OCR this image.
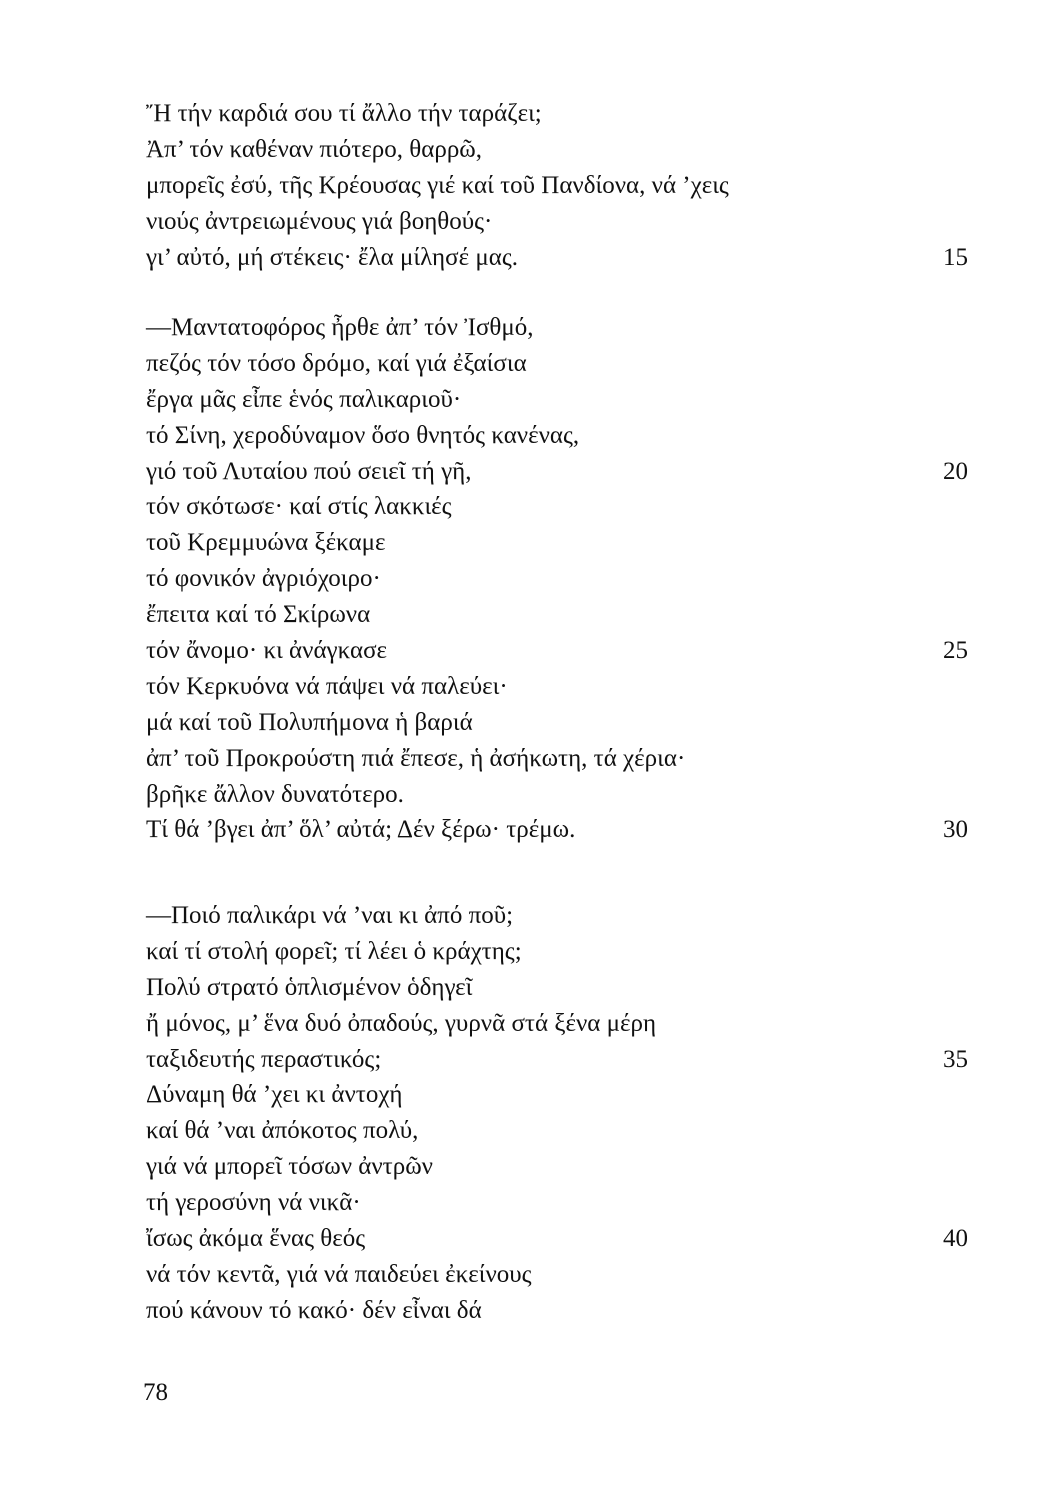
Ἤ τήν καρδιά σου τί ἄλλο τήν ταράζει;
Ἀπ’ τόν καθέναν πιότερο, θαρρῶ,
μπορεῖς ἐσύ, τῆς Κρέουσας γιέ καί τοῦ Πανδίονα, νά ’χεις
νιούς ἀντρειωμένους γιά βοηθούς·
γι’ αὐτό, μή στέκεις· ἔλα μίλησέ μας.	15
—Μαντατοφόρος ἦρθε ἀπ’ τόν Ἰσθμό,
πεζός τόν τόσο δρόμο, καί γιά ἐξαίσια
ἔργα μᾶς εἶπε ἑνός παλικαριοῦ·
τό Σίνη, χεροδύναμον ὅσο θνητός κανένας,
γιό τοῦ Λυταίου πού σειεῖ τή γῆ,	20
τόν σκότωσε· καί στίς λακκιές
τοῦ Κρεμμυώνα ξέκαμε
τό φονικόν ἀγριόχοιρο·
ἔπειτα καί τό Σκίρωνα
τόν ἄνομο· κι ἀνάγκασε	25
τόν Κερκυόνα νά πάψει νά παλεύει·
μά καί τοῦ Πολυπήμονα ἡ βαριά
ἀπ’ τοῦ Προκρούστη πιά ἔπεσε, ἡ ἀσήκωτη, τά χέρια·
βρῆκε ἄλλον δυνατότερο.
Τί θά ’βγει ἀπ’ ὅλ’ αὐτά; Δέν ξέρω· τρέμω.	30
—Ποιό παλικάρι νά ’ναι κι ἀπό ποῦ;
καί τί στολή φορεῖ; τί λέει ὁ κράχτης;
Πολύ στρατό ὁπλισμένον ὁδηγεῖ
ἤ μόνος, μ’ ἕνα δυό ὀπαδούς, γυρνᾶ στά ξένα μέρη
ταξιδευτής περαστικός;	35
Δύναμη θά ’χει κι ἀντοχή
καί θά ’ναι ἀπόκοτος πολύ,
γιά νά μπορεῖ τόσων ἀντρῶν
τή γεροσύνη νά νικᾶ·
ἴσως ἀκόμα ἕνας θεός	40
νά τόν κεντᾶ, γιά νά παιδεύει ἐκείνους
πού κάνουν τό κακό· δέν εἶναι δά
78
